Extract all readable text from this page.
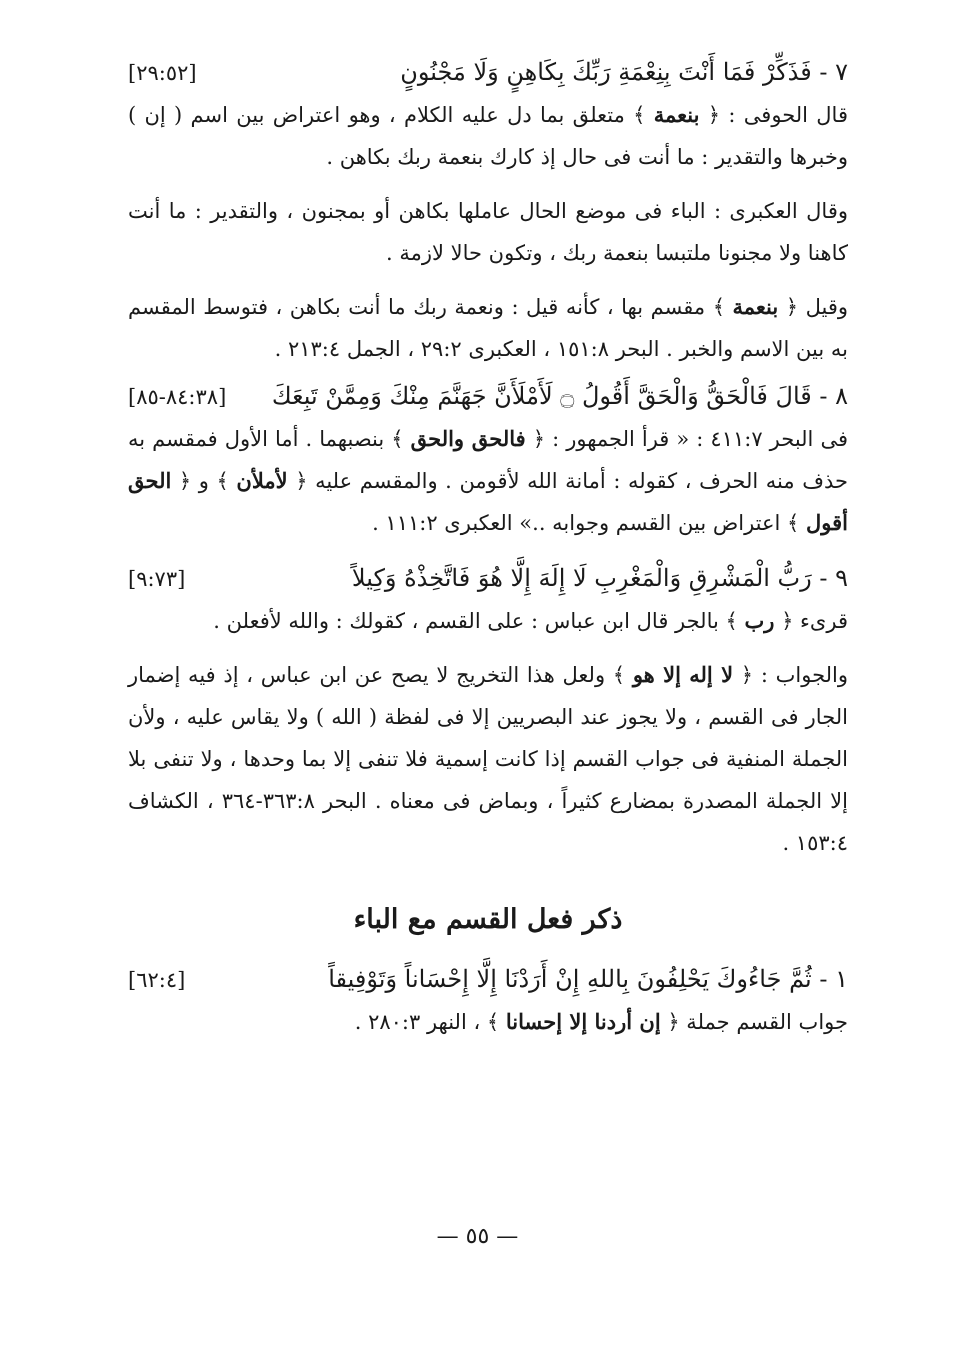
٧ - فَذَكِّرْ فَمَا أَنْتَ بِنِعْمَةِ رَبِّكَ بِكَاهِنٍ وَلَا مَجْنُونٍ
[٢٩:٥٢]

قال الحوفى : ﴿ بنعمة ﴾ متعلق بما دل عليه الكلام ، وهو اعتراض بين اسم ( إن ) وخبرها والتقدير : ما أنت فى حال إذ كارك بنعمة ربك بكاهن .

وقال العكبرى : الباء فى موضع الحال عاملها بكاهن أو بمجنون ، والتقدير : ما أنت كاهنا ولا مجنونا ملتبسا بنعمة ربك ، وتكون حالا لازمة .

وقيل ﴿ بنعمة ﴾ مقسم بها ، كأنه قيل : ونعمة ربك ما أنت بكاهن ، فتوسط المقسم به بين الاسم والخبر . البحر ١٥١:٨ ، العكبرى ٢٩:٢ ، الجمل ٢١٣:٤ .

٨ - قَالَ فَالْحَقُّ وَالْحَقَّ أَقُولُ ۝ لَأَمْلَأَنَّ جَهَنَّمَ مِنْكَ وَمِمَّنْ تَبِعَكَ
[٨٤:٣٨-٨٥]

فى البحر ٤١١:٧ : « قرأ الجمهور : ﴿ فالحق والحق ﴾ بنصبهما . أما الأول فمقسم به حذف منه الحرف ، كقوله : أمانة الله لأقومن . والمقسم عليه ﴿ لأملأن ﴾ و ﴿ الحق أقول ﴾ اعتراض بين القسم وجوابه ..» العكبرى ١١١:٢ .

٩ - رَبُّ الْمَشْرِقِ وَالْمَغْرِبِ لَا إِلَهَ إِلَّا هُوَ فَاتَّخِذْهُ وَكِيلاً
[٩:٧٣]

قرىء ﴿ رب ﴾ بالجر قال ابن عباس : على القسم ، كقولك : والله لأفعلن .

والجواب : ﴿ لا إله إلا هو ﴾ ولعل هذا التخريج لا يصح عن ابن عباس ، إذ فيه إضمار الجار فى القسم ، ولا يجوز عند البصريين إلا فى لفظة ( الله ) ولا يقاس عليه ، ولأن الجملة المنفية فى جواب القسم إذا كانت إسمية فلا تنفى إلا بما وحدها ، ولا تنفى بلا إلا الجملة المصدرة بمضارع كثيراً ، وبماض فى معناه . البحر ٣٦٣:٨-٣٦٤ ، الكشاف ١٥٣:٤ .

ذكر فعل القسم مع الباء
١ - ثُمَّ جَاءُوكَ يَحْلِفُونَ بِاللهِ إِنْ أَرَدْنَا إِلَّا إِحْسَاناً وَتَوْفِيقاً
[٦٢:٤]

جواب القسم جملة ﴿ إن أردنا إلا إحسانا ﴾ ، النهر ٢٨٠:٣ .

— ٥٥ —
